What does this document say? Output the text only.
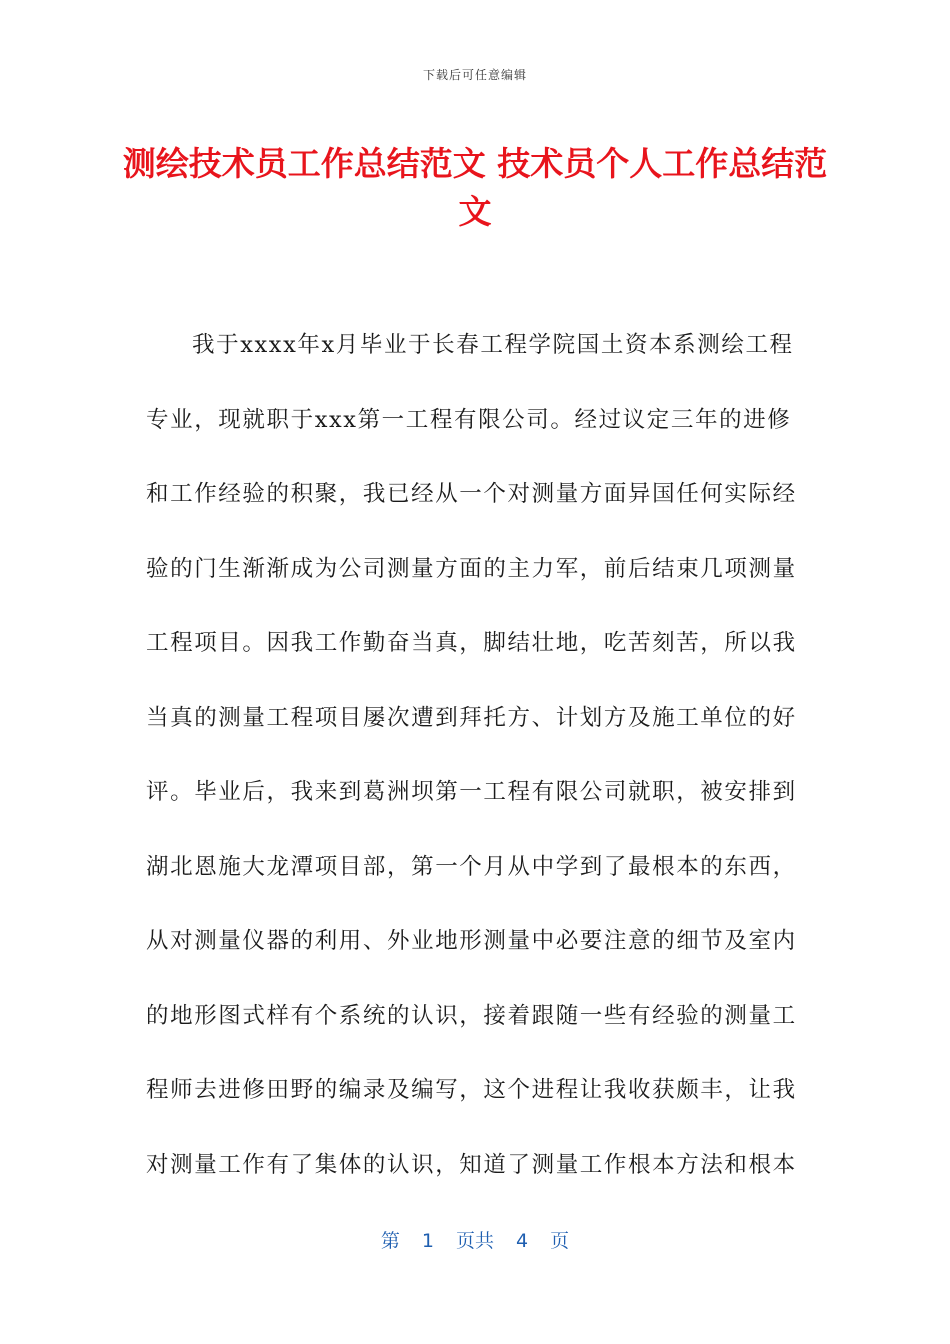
下载后可任意编辑
测绘技术员工作总结范文 技术员个人工作总结范文
我于xxxx年x月毕业于长春工程学院国土资本系测绘工程
专业，现就职于xxx第一工程有限公司。经过议定三年的进修
和工作经验的积聚，我已经从一个对测量方面异国任何实际经
验的门生渐渐成为公司测量方面的主力军，前后结束几项测量
工程项目。因我工作勤奋当真，脚结壮地，吃苦刻苦，所以我
当真的测量工程项目屡次遭到拜托方、计划方及施工单位的好
评。毕业后，我来到葛洲坝第一工程有限公司就职，被安排到
湖北恩施大龙潭项目部，第一个月从中学到了最根本的东西，
从对测量仪器的利用、外业地形测量中必要注意的细节及室内
的地形图式样有个系统的认识，接着跟随一些有经验的测量工
程师去进修田野的编录及编写，这个进程让我收获颇丰，让我
对测量工作有了集体的认识，知道了测量工作根本方法和根本
第 1 页共 4 页
